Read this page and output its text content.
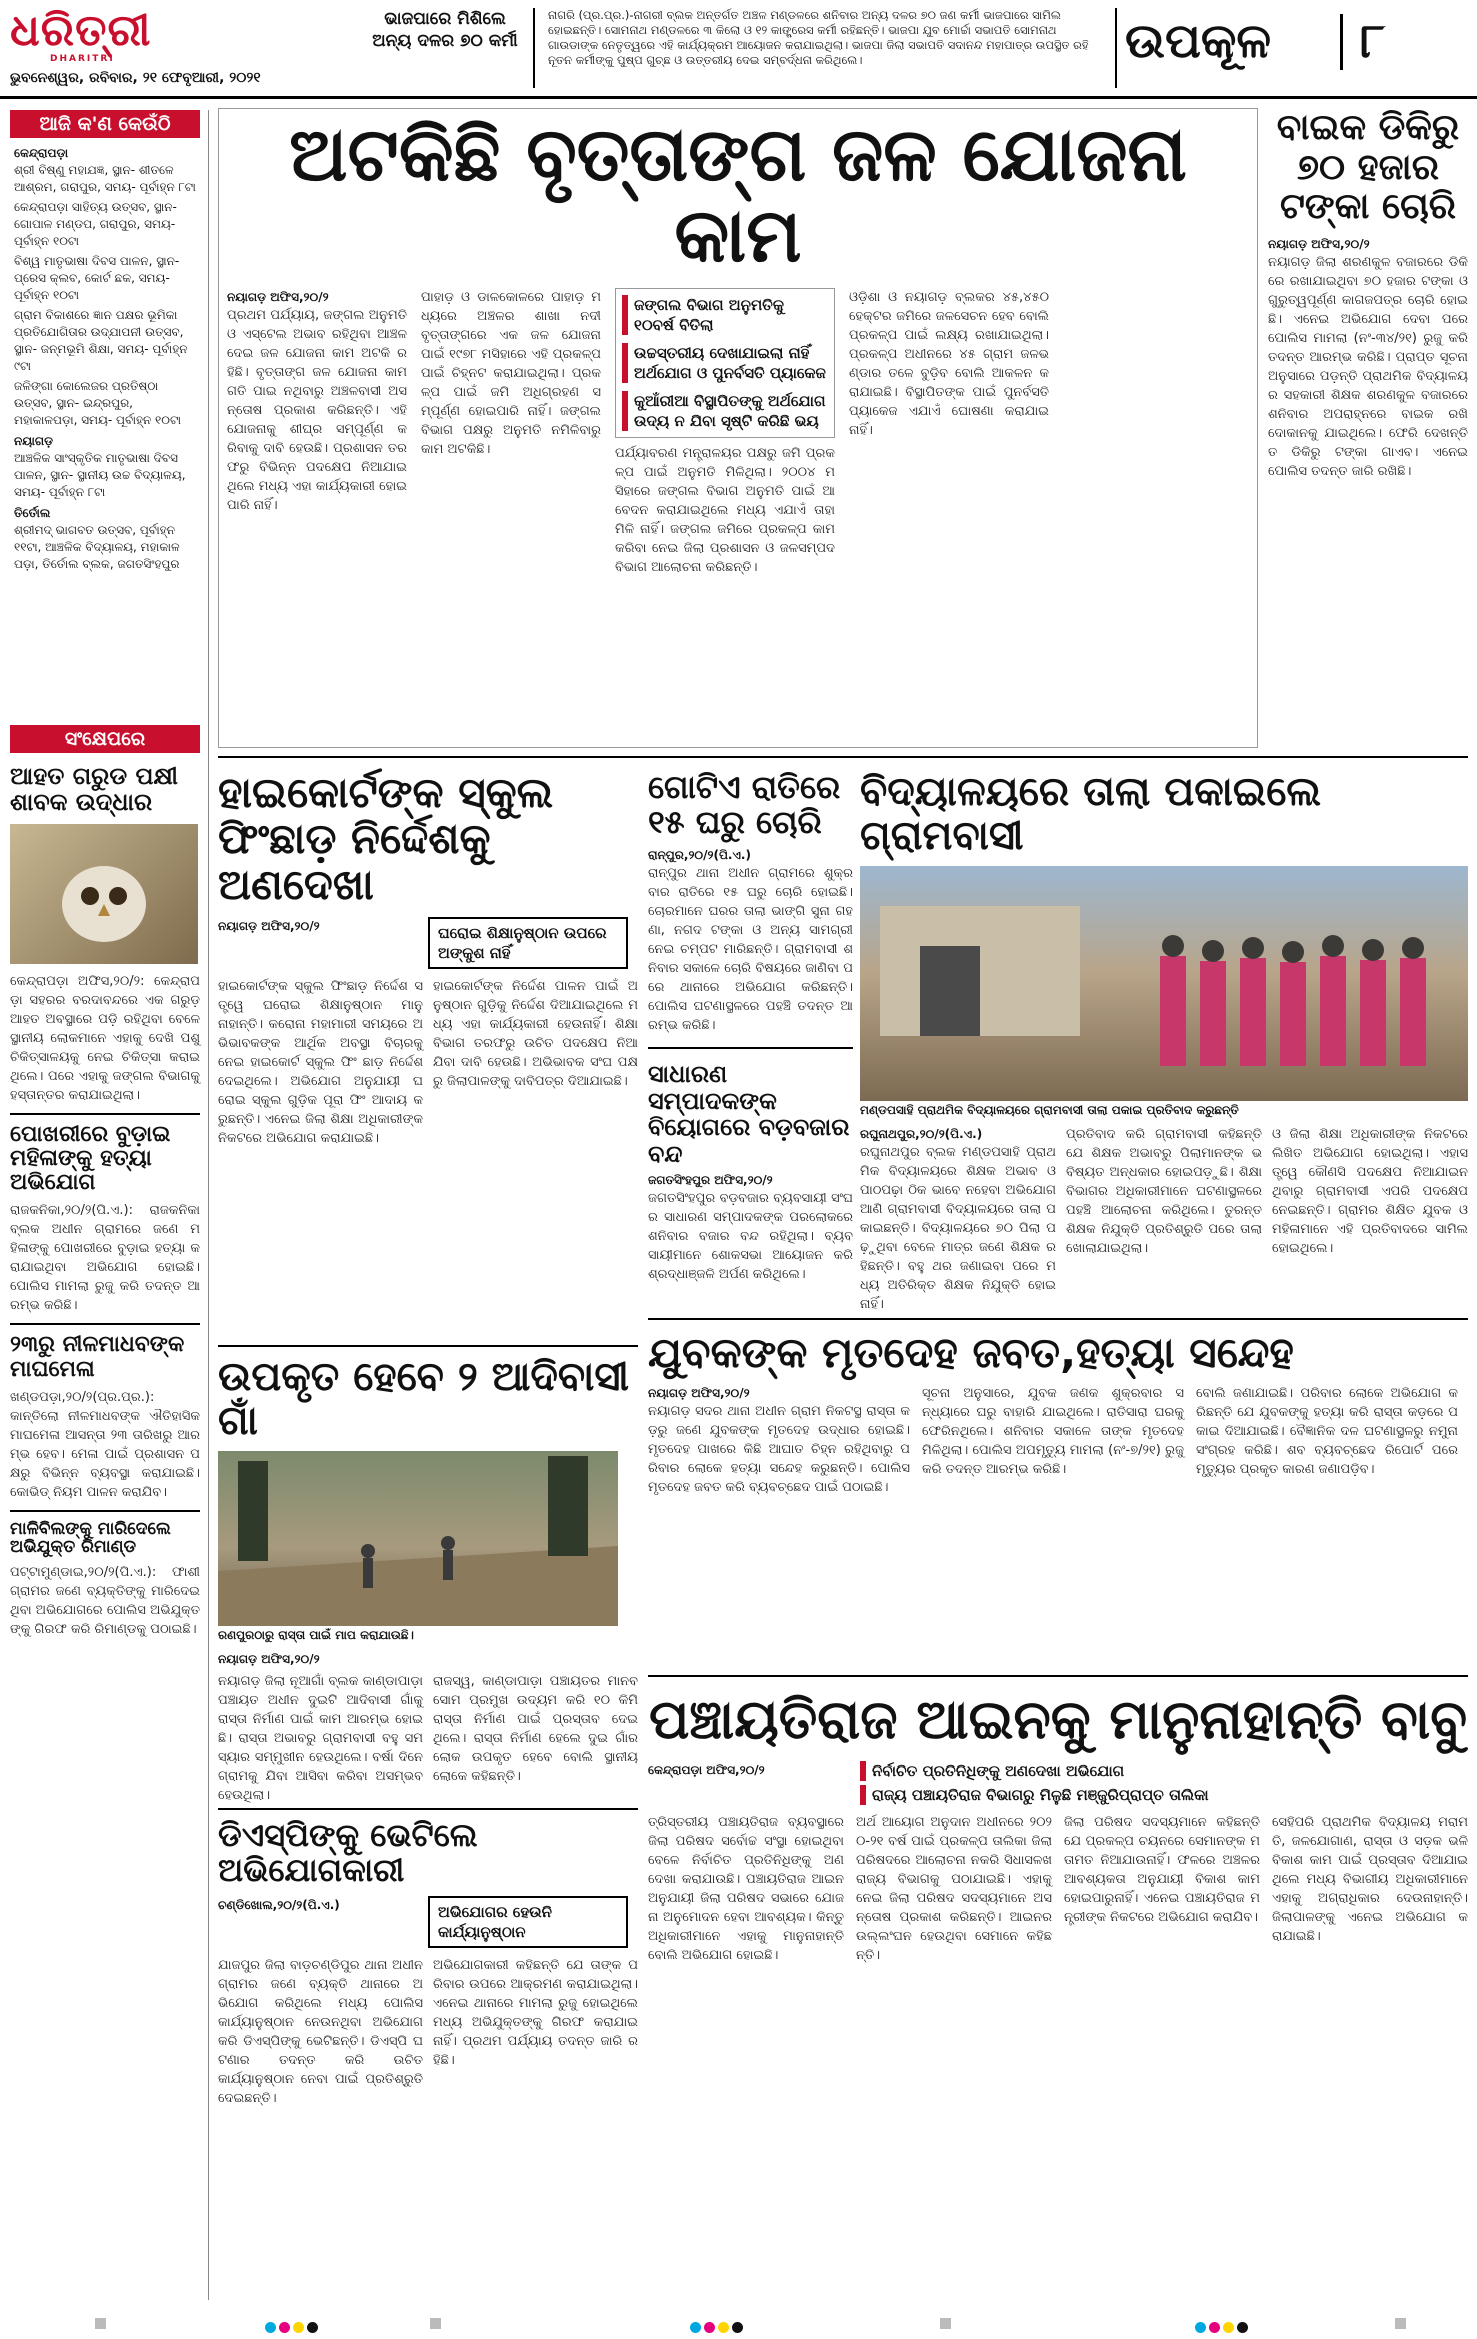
ଧରିତ୍ରୀ
DHARITRI
ଭୁବନେଶ୍ୱର, ରବିବାର, ୨୧ ଫେବୃଆରୀ, ୨୦୨୧
ଭାଜପାରେ ମିଶିଲେ ଅନ୍ୟ ଦଳର ୭୦ କର୍ମୀ
ନାଗରି (ପ୍ର.ପ୍ର.)-ନାଗରୀ ବ୍ଲକ ଅନ୍ତର୍ଗତ ଅଞ୍ଚଳ ମଣ୍ଡଳରେ ଶନିବାର ଅନ୍ୟ ଦଳର ୭୦ ଜଣ କର୍ମୀ ଭାଜପାରେ ସାମିଲ ହୋଇଛନ୍ତି। ସୋମନାଥ ମଣ୍ଡଳରେ ୩ କିଲୋ ଓ ୧୨ କାଙ୍ଗ୍ରେସ କର୍ମୀ ରହିଛନ୍ତି। ଭାଜପା ଯୁବ ମୋର୍ଚ୍ଚା ସଭାପତି ସୋମନାଥ ଗାଉଡାଙ୍କ ନେତୃତ୍ୱରେ ଏହି କାର୍ଯ୍ୟକ୍ରମ ଆୟୋଜନ କରାଯାଇଥିଲା। ଭାଜପା ଜିଲା ସଭାପତି ସଦାନନ୍ଦ ମହାପାତ୍ର ଉପସ୍ଥିତ ରହି ନୂତନ କର୍ମୀଙ୍କୁ ପୁଷ୍ପ ଗୁଚ୍ଛ ଓ ଉତ୍ତରୀୟ ଦେଇ ସମ୍ବର୍ଦ୍ଧନା କରିଥିଲେ।	ଉପକୂଳ ୮
ଆଜି କ'ଣ କେଉଁଠି
କେନ୍ଦ୍ରାପଡ଼ା
ଶ୍ରୀ ବିଷ୍ଣୁ ମହାଯଜ୍ଞ, ସ୍ଥାନ- ଶୀତଳେ ଆଶ୍ରମ, ଗରାପୁର, ସମୟ- ପୂର୍ବାହ୍ନ ୮ଟା
କେନ୍ଦ୍ରାପଡ଼ା ସାହିତ୍ୟ ଉତ୍ସବ, ସ୍ଥାନ- ଗୋପାଳ ମଣ୍ଡପ, ଗରାପୁର, ସମୟ- ପୂର୍ବାହ୍ନ ୧୦ଟା
ବିଶ୍ୱ ମାତୃଭାଷା ଦିବସ ପାଳନ, ସ୍ଥାନ- ପ୍ରେସ କ୍ଲବ, କୋର୍ଟ ଛକ, ସମୟ- ପୂର୍ବାହ୍ନ ୧୦ଟା
ଗ୍ରାମ ବିକାଶରେ ଜ୍ଞାନ ପକ୍ଷର ଭୂମିକା ପ୍ରତିଯୋଗିତାର ଉଦ୍ଯାପନୀ ଉତ୍ସବ, ସ୍ଥାନ- ଜନ୍ମଭୂମି ଶିକ୍ଷା, ସମୟ- ପୂର୍ବାହ୍ନ ୯ଟା
ଜଳିଙ୍ଗା କୋଲେଜର ପ୍ରତିଷ୍ଠା ଉତ୍ସବ, ସ୍ଥାନ- ଇନ୍ଦ୍ରପୁର, ମହାକାଳପଡ଼ା, ସମୟ- ପୂର୍ବାହ୍ନ ୧୦ଟା
ନୟାଗଡ଼
ଆଞ୍ଚଳିକ ସାଂସ୍କୃତିକ ମାତୃଭାଷା ଦିବସ ପାଳନ, ସ୍ଥାନ- ସ୍ଥାନୀୟ ଉଚ୍ଚ ବିଦ୍ୟାଳୟ, ସମୟ- ପୂର୍ବାହ୍ନ ୮ଟା
ତିର୍ତୋଲ
ଶ୍ରୀମଦ୍ ଭାଗବତ ଉତ୍ସବ, ପୂର୍ବାହ୍ନ ୧୧ଟା, ଆଞ୍ଚଳିକ ବିଦ୍ୟାଳୟ, ମହାକାଳ ପଡ଼ା, ତିର୍ତୋଲ ବ୍ଲକ, ଜଗତସିଂହପୁର
ସଂକ୍ଷେପରେ
ଆହତ ଗରୁଡ ପକ୍ଷୀ ଶାବକ ଉଦ୍ଧାର
କେନ୍ଦ୍ରାପଡ଼ା ଅଫିସ,୨୦/୨: କେନ୍ଦ୍ରାପଡ଼ା ସହରର ବରଦାବନ୍ଦରେ ଏକ ଗରୁଡ଼ ଆହତ ଅବସ୍ଥାରେ ପଡ଼ି ରହିଥିବା ବେଳେ ସ୍ଥାନୀୟ ଲୋକମାନେ ଏହାକୁ ଦେଖି ପଶୁ ଚିକିତ୍ସାଳୟକୁ ନେଇ ଚିକିତ୍ସା କରାଇଥିଲେ। ପରେ ଏହାକୁ ଜଙ୍ଗଲ ବିଭାଗକୁ ହସ୍ତାନ୍ତର କରାଯାଇଥିଲା।
ପୋଖରୀରେ ବୁଡ଼ାଇ ମହିଳାଙ୍କୁ ହତ୍ୟା ଅଭିଯୋଗ
ରାଜକନିକା,୨୦/୨(ପି.ଏ.): ରାଜକନିକା ବ୍ଲକ ଅଧୀନ ଗ୍ରାମରେ ଜଣେ ମହିଳାଙ୍କୁ ପୋଖରୀରେ ବୁଡ଼ାଇ ହତ୍ୟା କରାଯାଇଥିବା ଅଭିଯୋଗ ହୋଇଛି। ପୋଲିସ ମାମଲା ରୁଜୁ କରି ତଦନ୍ତ ଆରମ୍ଭ କରିଛି।
୨୩ରୁ ନୀଳମାଧବଙ୍କ ମାଘମେଳା
ଖଣ୍ଡପଡ଼ା,୨୦/୨(ପ୍ର.ପ୍ର.): କାନ୍ତିଲୋ ନୀଳମାଧବଙ୍କ ଐତିହାସିକ ମାଘମେଳା ଆସନ୍ତା ୨୩ ତାରିଖରୁ ଆରମ୍ଭ ହେବ। ମେଳା ପାଇଁ ପ୍ରଶାସନ ପକ୍ଷରୁ ବିଭିନ୍ନ ବ୍ୟବସ୍ଥା କରାଯାଇଛି। କୋଭିଡ୍ ନିୟମ ପାଳନ କରାଯିବ।
ମାଳିବିଲଙ୍କୁ ମାରିଦେଲେ ଅଭିଯୁକ୍ତ ରିମାଣ୍ଡ
ପଟ୍ଟାମୁଣ୍ଡାଇ,୨୦/୨(ପି.ଏ.): ଫାଶୀ ଗ୍ରାମର ଜଣେ ବ୍ୟକ୍ତିଙ୍କୁ ମାରିଦେଇଥିବା ଅଭିଯୋଗରେ ପୋଲିସ ଅଭିଯୁକ୍ତଙ୍କୁ ଗିରଫ କରି ରିମାଣ୍ଡକୁ ପଠାଇଛି।
ଅଟକିଛି ବୃତ୍ତାଙ୍ଗ ଜଳ ଯୋଜନା କାମ
ନୟାଗଡ଼ ଅଫିସ,୨୦/୨
ପ୍ରଥମ ପର୍ଯ୍ୟାୟ, ଜଙ୍ଗଲ ଅନୁମତି ଓ ଏସ୍ଟେଲ ଅଭାବ ରହିଥିବା ଆଞ୍ଚଳ ଦେଇ ଜଳ ଯୋଜନା କାମ ଅଟକି ରହିଛି। ବୃତ୍ତାଙ୍ଗ ଜଳ ଯୋଜନା କାମ ଗତି ପାଇ ନଥିବାରୁ ଅଞ୍ଚଳବାସୀ ଅସନ୍ତୋଷ ପ୍ରକାଶ କରିଛନ୍ତି। ଏହି ଯୋଜନାକୁ ଶୀଘ୍ର ସମ୍ପୂର୍ଣ୍ଣ କରିବାକୁ ଦାବି ହେଉଛି। ପ୍ରଶାସନ ତରଫରୁ ବିଭିନ୍ନ ପଦକ୍ଷେପ ନିଆଯାଇଥିଲେ ମଧ୍ୟ ଏହା କାର୍ଯ୍ୟକାରୀ ହୋଇପାରି ନାହିଁ।
ପାହାଡ଼ ଓ ଡାଳକୋଳରେ ପାହାଡ଼ ମଧ୍ୟରେ ଅଞ୍ଚଳର ଶାଖା ନଦୀ ବୃତ୍ତାଙ୍ଗରେ ଏକ ଜଳ ଯୋଜନା ପାଇଁ ୧୯୭୮ ମସିହାରେ ଏହି ପ୍ରକଳ୍ପ ପାଇଁ ଚିହ୍ନଟ କରାଯାଇଥିଲା। ପ୍ରକଳ୍ପ ପାଇଁ ଜମି ଅଧିଗ୍ରହଣ ସମ୍ପୂର୍ଣ୍ଣ ହୋଇପାରି ନାହିଁ। ଜଙ୍ଗଲ ବିଭାଗ ପକ୍ଷରୁ ଅନୁମତି ନମିଳିବାରୁ କାମ ଅଟକିଛି।
ଜଙ୍ଗଲ ବିଭାଗ ଅନୁମତିକୁ ୧୦ବର୍ଷ ବିତିଲା
ଉଚ୍ଚସ୍ତରୀୟ ଦେଖାଯାଇଲା ନାହିଁ ଅର୍ଥଯୋଗ ଓ ପୁନର୍ବସତି ପ୍ୟାକେଜ
କୁଆଁରୀଆ ବିସ୍ଥାପିତଙ୍କୁ ଅର୍ଥଯୋଗ ଉଦ୍ୟ ନ ଯିବା ସୃଷ୍ଟି କରିଛି ଭୟ
ପର୍ଯ୍ୟାବରଣ ମନ୍ତ୍ରାଳୟର ପକ୍ଷରୁ ଜମି ପ୍ରକଳ୍ପ ପାଇଁ ଅନୁମତି ମିଳିଥିଲା। ୨୦୦୪ ମସିହାରେ ଜଙ୍ଗଲ ବିଭାଗ ଅନୁମତି ପାଇଁ ଆବେଦନ କରାଯାଇଥିଲେ ମଧ୍ୟ ଏଯାଏଁ ତାହା ମିଳି ନାହିଁ। ଜଙ୍ଗଲ ଜମିରେ ପ୍ରକଳ୍ପ କାମ କରିବା ନେଇ ଜିଲା ପ୍ରଶାସନ ଓ ଜଳସମ୍ପଦ ବିଭାଗ ଆଲୋଚନା କରିଛନ୍ତି।
ଓଡ଼ିଶା ଓ ନୟାଗଡ଼ ବ୍ଲକର ୪୫,୪୫୦ ହେକ୍ଟର ଜମିରେ ଜଳସେଚନ ହେବ ବୋଲି ପ୍ରକଳ୍ପ ପାଇଁ ଲକ୍ଷ୍ୟ ରଖାଯାଇଥିଲା। ପ୍ରକଳ୍ପ ଅଧୀନରେ ୪୫ ଗ୍ରାମ ଜଳଭଣ୍ଡାର ତଳେ ବୁଡ଼ିବ ବୋଲି ଆକଳନ କରାଯାଇଛି। ବିସ୍ଥାପିତଙ୍କ ପାଇଁ ପୁନର୍ବସତି ପ୍ୟାକେଜ ଏଯାଏଁ ଘୋଷଣା କରାଯାଇନାହିଁ।
ବାଇକ ଡିକିରୁ ୭୦ ହଜାର ଟଙ୍କା ଚୋରି
ନୟାଗଡ଼ ଅଫିସ,୨୦/୨
ନୟାଗଡ଼ ଜିଲା ଶରଣକୁଳ ବଜାରରେ ଡିକି ରେ ରଖାଯାଇଥିବା ୭୦ ହଜାର ଟଙ୍କା ଓ ଗୁରୁତ୍ୱପୂର୍ଣ୍ଣ କାଗଜପତ୍ର ଚୋରି ହୋଇଛି। ଏନେଇ ଅଭିଯୋଗ ଦେବା ପରେ ପୋଲିସ ମାମଲା (ନଂ-୩୪/୨୧) ରୁଜୁ କରି ତଦନ୍ତ ଆରମ୍ଭ କରିଛି। ପ୍ରାପ୍ତ ସୂଚନା ଅନୁସାରେ ପଡ଼ନ୍ତି ପ୍ରାଥମିକ ବିଦ୍ୟାଳୟର ସହକାରୀ ଶିକ୍ଷକ ଶରଣକୁଳ ବଜାରରେ ଶନିବାର ଅପରାହ୍ନରେ ବାଇକ ରଖି ଦୋକାନକୁ ଯାଇଥିଲେ। ଫେରି ଦେଖନ୍ତି ତ ଡିକିରୁ ଟଙ୍କା ଗାଏବ। ଏନେଇ ପୋଲିସ ତଦନ୍ତ ଜାରି ରଖିଛି।
ହାଇକୋର୍ଟଙ୍କ ସ୍କୁଲ ଫିଂଛାଡ଼ ନିର୍ଦ୍ଦେଶକୁ ଅଣଦେଖା
ନୟାଗଡ଼ ଅଫିସ,୨୦/୨	ଘରୋଇ ଶିକ୍ଷାନୁଷ୍ଠାନ ଉପରେ ଅଙ୍କୁଶ ନାହିଁ
ହାଇକୋର୍ଟଙ୍କ ସ୍କୁଲ ଫିଂଛାଡ଼ ନିର୍ଦ୍ଦେଶ ସତ୍ତ୍ୱେ ଘରୋଇ ଶିକ୍ଷାନୁଷ୍ଠାନ ମାନୁ ନାହାନ୍ତି। କରୋନା ମହାମାରୀ ସମୟରେ ଅଭିଭାବକଙ୍କ ଆର୍ଥିକ ଅବସ୍ଥା ବିଚାରକୁ ନେଇ ହାଇକୋର୍ଟ ସ୍କୁଲ ଫିଂ ଛାଡ଼ ନିର୍ଦ୍ଦେଶ ଦେଇଥିଲେ। ଅଭିଯୋଗ ଅନୁଯାୟୀ ଘରୋଇ ସ୍କୁଲ ଗୁଡ଼ିକ ପୂରା ଫିଂ ଆଦାୟ କରୁଛନ୍ତି। ଏନେଇ ଜିଲା ଶିକ୍ଷା ଅଧିକାରୀଙ୍କ ନିକଟରେ ଅଭିଯୋଗ କରାଯାଇଛି।
ହାଇକୋର୍ଟଙ୍କ ନିର୍ଦ୍ଦେଶ ପାଳନ ପାଇଁ ଅନୁଷ୍ଠାନ ଗୁଡ଼ିକୁ ନିର୍ଦ୍ଦେଶ ଦିଆଯାଇଥିଲେ ମଧ୍ୟ ଏହା କାର୍ଯ୍ୟକାରୀ ହେଉନାହିଁ। ଶିକ୍ଷା ବିଭାଗ ତରଫରୁ ଉଚିତ ପଦକ୍ଷେପ ନିଆଯିବା ଦାବି ହେଉଛି। ଅଭିଭାବକ ସଂଘ ପକ୍ଷରୁ ଜିଲାପାଳଙ୍କୁ ଦାବିପତ୍ର ଦିଆଯାଇଛି।
ଗୋଟିଏ ରାତିରେ ୧୫ ଘରୁ ଚୋରି
ରାନ୍ପୁର,୨୦/୨(ପି.ଏ.)
ରାନ୍ପୁର ଥାନା ଅଧୀନ ଗ୍ରାମରେ ଶୁକ୍ରବାର ରାତିରେ ୧୫ ଘରୁ ଚୋରି ହୋଇଛି। ଚୋରମାନେ ଘରର ତାଲା ଭାଙ୍ଗି ସୁନା ଗହଣା, ନଗଦ ଟଙ୍କା ଓ ଅନ୍ୟ ସାମଗ୍ରୀ ନେଇ ଚମ୍ପଟ ମାରିଛନ୍ତି। ଗ୍ରାମବାସୀ ଶନିବାର ସକାଳେ ଚୋରି ବିଷୟରେ ଜାଣିବା ପରେ ଥାନାରେ ଅଭିଯୋଗ କରିଛନ୍ତି। ପୋଲିସ ଘଟଣାସ୍ଥଳରେ ପହଞ୍ଚି ତଦନ୍ତ ଆରମ୍ଭ କରିଛି।
ସାଧାରଣ ସମ୍ପାଦକଙ୍କ ବିୟୋଗରେ ବଡ଼ବଜାର ବନ୍ଦ
ଜଗତସିଂହପୁର ଅଫିସ,୨୦/୨
ଜଗତସିଂହପୁର ବଡ଼ବଜାର ବ୍ୟବସାୟୀ ସଂଘର ସାଧାରଣ ସମ୍ପାଦକଙ୍କ ପରଲୋକରେ ଶନିବାର ବଜାର ବନ୍ଦ ରହିଥିଲା। ବ୍ୟବସାୟୀମାନେ ଶୋକସଭା ଆୟୋଜନ କରି ଶ୍ରଦ୍ଧାଞ୍ଜଳି ଅର୍ପଣ କରିଥିଲେ।
ବିଦ୍ୟାଳୟରେ ତାଲା ପକାଇଲେ ଗ୍ରାମବାସୀ
ମଣ୍ଡପସାହି ପ୍ରାଥମିକ ବିଦ୍ୟାଳୟରେ ଗ୍ରାମବାସୀ ତାଲା ପକାଇ ପ୍ରତିବାଦ କରୁଛନ୍ତି
ରଘୁନାଥପୁର,୨୦/୨(ପି.ଏ.)
ରଘୁନାଥପୁର ବ୍ଲକ ମଣ୍ଡପସାହି ପ୍ରାଥମିକ ବିଦ୍ୟାଳୟରେ ଶିକ୍ଷକ ଅଭାବ ଓ ପାଠପଢ଼ା ଠିକ ଭାବେ ନହେବା ଅଭିଯୋଗ ଆଣି ଗ୍ରାମବାସୀ ବିଦ୍ୟାଳୟରେ ତାଲା ପକାଇଛନ୍ତି। ବିଦ୍ୟାଳୟରେ ୭୦ ପିଲା ପଢ଼ୁଥିବା ବେଳେ ମାତ୍ର ଜଣେ ଶିକ୍ଷକ ରହିଛନ୍ତି। ବହୁ ଥର ଜଣାଇବା ପରେ ମଧ୍ୟ ଅତିରିକ୍ତ ଶିକ୍ଷକ ନିଯୁକ୍ତି ହୋଇନାହିଁ।
ପ୍ରତିବାଦ କରି ଗ୍ରାମବାସୀ କହିଛନ୍ତି ଯେ ଶିକ୍ଷକ ଅଭାବରୁ ପିଲାମାନଙ୍କ ଭବିଷ୍ୟତ ଅନ୍ଧକାର ହୋଇପଡ଼ୁଛି। ଶିକ୍ଷା ବିଭାଗର ଅଧିକାରୀମାନେ ଘଟଣାସ୍ଥଳରେ ପହଞ୍ଚି ଆଲୋଚନା କରିଥିଲେ। ତୁରନ୍ତ ଶିକ୍ଷକ ନିଯୁକ୍ତି ପ୍ରତିଶ୍ରୁତି ପରେ ତାଲା ଖୋଲାଯାଇଥିଲା।
ଓ ଜିଲା ଶିକ୍ଷା ଅଧିକାରୀଙ୍କ ନିକଟରେ ଲିଖିତ ଅଭିଯୋଗ ହୋଇଥିଲା। ଏହାସତ୍ତ୍ୱେ କୌଣସି ପଦକ୍ଷେପ ନିଆଯାଇନଥିବାରୁ ଗ୍ରାମବାସୀ ଏପରି ପଦକ୍ଷେପ ନେଇଛନ୍ତି। ଗ୍ରାମର ଶିକ୍ଷିତ ଯୁବକ ଓ ମହିଳାମାନେ ଏହି ପ୍ରତିବାଦରେ ସାମିଲ ହୋଇଥିଲେ।
ଉପକୃତ ହେବେ ୨ ଆଦିବାସୀ ଗାଁ
ରଣପୁରଠାରୁ ରାସ୍ତା ପାଇଁ ମାପ କରାଯାଉଛି।
ନୟାଗଡ଼ ଅଫିସ,୨୦/୨
ନୟାଗଡ଼ ଜିଲା ନୂଆଗାଁ ବ୍ଲକ କାଣ୍ଡାପାଡ଼ା ପଞ୍ଚାୟତ ଅଧୀନ ଦୁଇଟି ଆଦିବାସୀ ଗାଁକୁ ରାସ୍ତା ନିର୍ମାଣ ପାଇଁ କାମ ଆରମ୍ଭ ହୋଇଛି। ରାସ୍ତା ଅଭାବରୁ ଗ୍ରାମବାସୀ ବହୁ ସମସ୍ୟାର ସମ୍ମୁଖୀନ ହେଉଥିଲେ। ବର୍ଷା ଦିନେ ଗ୍ରାମକୁ ଯିବା ଆସିବା କରିବା ଅସମ୍ଭବ ହେଉଥିଲା।
ରାଜସ୍ୱ, କାଣ୍ଡାପାଡ଼ା ପଞ୍ଚାୟତର ମାନବ ସୋମ ପ୍ରମୁଖ ଉଦ୍ୟମ କରି ୧୦ କିମି ରାସ୍ତା ନିର୍ମାଣ ପାଇଁ ପ୍ରସ୍ତାବ ଦେଇଥିଲେ। ରାସ୍ତା ନିର୍ମାଣ ହେଲେ ଦୁଇ ଗାଁର ଲୋକ ଉପକୃତ ହେବେ ବୋଲି ସ୍ଥାନୀୟ ଲୋକେ କହିଛନ୍ତି।
ଡିଏସ୍ପିଙ୍କୁ ଭେଟିଲେ ଅଭିଯୋଗକାରୀ
ଚଣ୍ଡିଖୋଲ,୨୦/୨(ପି.ଏ.)	ଅଭିଯୋଗର ହେଉନି କାର୍ଯ୍ୟାନୁଷ୍ଠାନ
ଯାଜପୁର ଜିଲା ବାଡ଼ଚଣ୍ଡିପୁର ଥାନା ଅଧୀନ ଗ୍ରାମର ଜଣେ ବ୍ୟକ୍ତି ଥାନାରେ ଅଭିଯୋଗ କରିଥିଲେ ମଧ୍ୟ ପୋଲିସ କାର୍ଯ୍ୟାନୁଷ୍ଠାନ ନେଉନଥିବା ଅଭିଯୋଗ କରି ଡିଏସ୍ପିଙ୍କୁ ଭେଟିଛନ୍ତି। ଡିଏସ୍ପି ଘଟଣାର ତଦନ୍ତ କରି ଉଚିତ କାର୍ଯ୍ୟାନୁଷ୍ଠାନ ନେବା ପାଇଁ ପ୍ରତିଶ୍ରୁତି ଦେଇଛନ୍ତି।
ଅଭିଯୋଗକାରୀ କହିଛନ୍ତି ଯେ ତାଙ୍କ ପରିବାର ଉପରେ ଆକ୍ରମଣ କରାଯାଇଥିଲା। ଏନେଇ ଥାନାରେ ମାମଲା ରୁଜୁ ହୋଇଥିଲେ ମଧ୍ୟ ଅଭିଯୁକ୍ତଙ୍କୁ ଗିରଫ କରାଯାଇନାହିଁ। ପ୍ରଥମ ପର୍ଯ୍ୟାୟ ତଦନ୍ତ ଜାରି ରହିଛି।
ଯୁବକଙ୍କ ମୃତଦେହ ଜବତ,ହତ୍ୟା ସନ୍ଦେହ
ନୟାଗଡ଼ ଅଫିସ,୨୦/୨
ନୟାଗଡ଼ ସଦର ଥାନା ଅଧୀନ ଗ୍ରାମ ନିକଟସ୍ଥ ରାସ୍ତା କଡ଼ରୁ ଜଣେ ଯୁବକଙ୍କ ମୃତଦେହ ଉଦ୍ଧାର ହୋଇଛି। ମୃତଦେହ ପାଖରେ କିଛି ଆଘାତ ଚିହ୍ନ ରହିଥିବାରୁ ପରିବାର ଲୋକେ ହତ୍ୟା ସନ୍ଦେହ କରୁଛନ୍ତି। ପୋଲିସ ମୃତଦେହ ଜବତ କରି ବ୍ୟବଚ୍ଛେଦ ପାଇଁ ପଠାଇଛି।
ସୂଚନା ଅନୁସାରେ, ଯୁବକ ଜଣକ ଶୁକ୍ରବାର ସନ୍ଧ୍ୟାରେ ଘରୁ ବାହାରି ଯାଇଥିଲେ। ରାତିସାରା ଘରକୁ ଫେରିନଥିଲେ। ଶନିବାର ସକାଳେ ତାଙ୍କ ମୃତଦେହ ମିଳିଥିଲା। ପୋଲିସ ଅପମୃତ୍ୟୁ ମାମଲା (ନଂ-୭/୨୧) ରୁଜୁ କରି ତଦନ୍ତ ଆରମ୍ଭ କରିଛି।
ବୋଲି ଜଣାଯାଇଛି। ପରିବାର ଲୋକେ ଅଭିଯୋଗ କରିଛନ୍ତି ଯେ ଯୁବକଙ୍କୁ ହତ୍ୟା କରି ରାସ୍ତା କଡ଼ରେ ପକାଇ ଦିଆଯାଇଛି। ବୈଜ୍ଞାନିକ ଦଳ ଘଟଣାସ୍ଥଳରୁ ନମୁନା ସଂଗ୍ରହ କରିଛି। ଶବ ବ୍ୟବଚ୍ଛେଦ ରିପୋର୍ଟ ପରେ ମୃତ୍ୟୁର ପ୍ରକୃତ କାରଣ ଜଣାପଡ଼ିବ।
ପଞ୍ଚାୟତିରାଜ ଆଇନକୁ ମାନୁନାହାନ୍ତି ବାବୁ
କେନ୍ଦ୍ରାପଡ଼ା ଅଫିସ,୨୦/୨	ନିର୍ବାଚିତ ପ୍ରତିନିଧିଙ୍କୁ ଅଣଦେଖା ଅଭିଯୋଗ
ରାଜ୍ୟ ପଞ୍ଚାୟତିରାଜ ବିଭାଗରୁ ମିଳୁଛି ମଞ୍ଜୁରିପ୍ରାପ୍ତ ତାଲିକା
ତ୍ରିସ୍ତରୀୟ ପଞ୍ଚାୟତିରାଜ ବ୍ୟବସ୍ଥାରେ ଜିଲା ପରିଷଦ ସର୍ବୋଚ୍ଚ ସଂସ୍ଥା ହୋଇଥିବା ବେଳେ ନିର୍ବାଚିତ ପ୍ରତିନିଧିଙ୍କୁ ଅଣଦେଖା କରାଯାଉଛି। ପଞ୍ଚାୟତିରାଜ ଆଇନ ଅନୁଯାୟୀ ଜିଲା ପରିଷଦ ସଭାରେ ଯୋଜନା ଅନୁମୋଦନ ହେବା ଆବଶ୍ୟକ। କିନ୍ତୁ ଅଧିକାରୀମାନେ ଏହାକୁ ମାନୁନାହାନ୍ତି ବୋଲି ଅଭିଯୋଗ ହୋଇଛି।
ଅର୍ଥ ଆୟୋଗ ଅନୁଦାନ ଅଧୀନରେ ୨୦୨୦-୨୧ ବର୍ଷ ପାଇଁ ପ୍ରକଳ୍ପ ତାଲିକା ଜିଲା ପରିଷଦରେ ଆଲୋଚନା ନକରି ସିଧାସଳଖ ରାଜ୍ୟ ବିଭାଗକୁ ପଠାଯାଇଛି। ଏହାକୁ ନେଇ ଜିଲା ପରିଷଦ ସଦସ୍ୟମାନେ ଅସନ୍ତୋଷ ପ୍ରକାଶ କରିଛନ୍ତି। ଆଇନର ଉଲ୍ଲଂଘନ ହେଉଥିବା ସେମାନେ କହିଛନ୍ତି।
ଜିଲା ପରିଷଦ ସଦସ୍ୟମାନେ କହିଛନ୍ତି ଯେ ପ୍ରକଳ୍ପ ଚୟନରେ ସେମାନଙ୍କ ମତାମତ ନିଆଯାଉନାହିଁ। ଫଳରେ ଅଞ୍ଚଳର ଆବଶ୍ୟକତା ଅନୁଯାୟୀ ବିକାଶ କାମ ହୋଇପାରୁନାହିଁ। ଏନେଇ ପଞ୍ଚାୟତିରାଜ ମନ୍ତ୍ରୀଙ୍କ ନିକଟରେ ଅଭିଯୋଗ କରାଯିବ।
ସେହିପରି ପ୍ରାଥମିକ ବିଦ୍ୟାଳୟ ମରାମତି, ଜଳଯୋଗାଣ, ରାସ୍ତା ଓ ସଡ଼କ ଭଳି ବିକାଶ କାମ ପାଇଁ ପ୍ରସ୍ତାବ ଦିଆଯାଇଥିଲେ ମଧ୍ୟ ବିଭାଗୀୟ ଅଧିକାରୀମାନେ ଏହାକୁ ଅଗ୍ରାଧିକାର ଦେଉନାହାନ୍ତି। ଜିଲାପାଳଙ୍କୁ ଏନେଇ ଅଭିଯୋଗ କରାଯାଇଛି।
